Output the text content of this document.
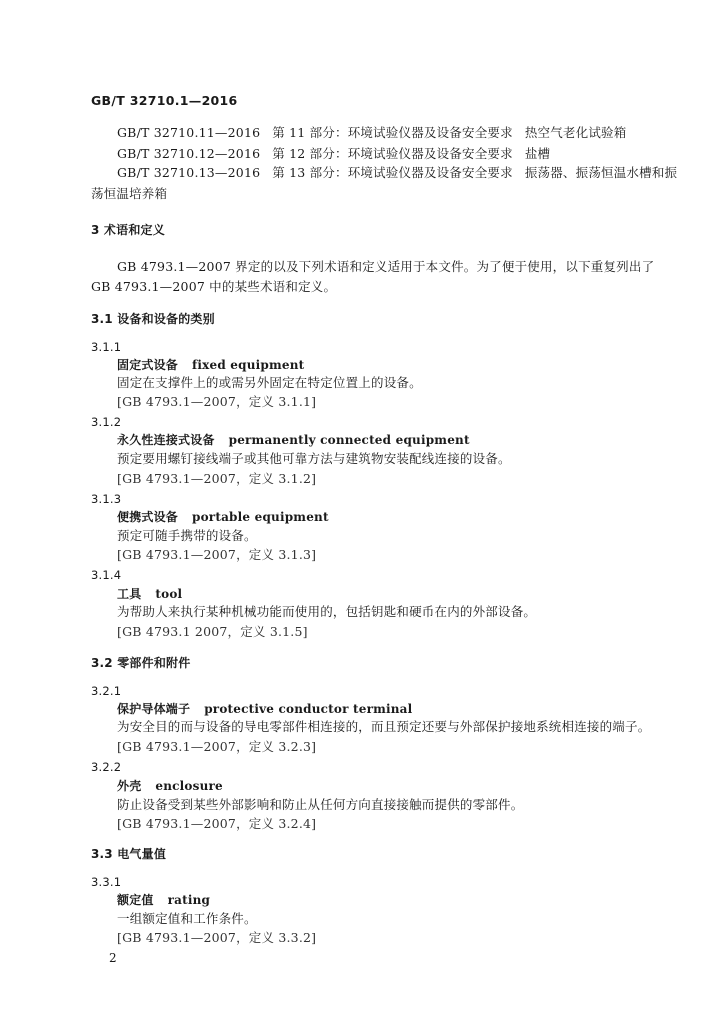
GB/T 32710.1—2016
GB/T 32710.11—2016 第 11 部分：环境试验仪器及设备安全要求 热空气老化试验箱
GB/T 32710.12—2016 第 12 部分：环境试验仪器及设备安全要求 盐槽
GB/T 32710.13—2016 第 13 部分：环境试验仪器及设备安全要求 振荡器、振荡恒温水槽和振
荡恒温培养箱
3 术语和定义
GB 4793.1—2007 界定的以及下列术语和定义适用于本文件。为了便于使用，以下重复列出了
GB 4793.1—2007 中的某些术语和定义。
3.1 设备和设备的类别
3.1.1
固定式设备 fixed equipment
固定在支撑件上的或需另外固定在特定位置上的设备。
[GB 4793.1—2007，定义 3.1.1]
3.1.2
永久性连接式设备 permanently connected equipment
预定要用螺钉接线端子或其他可靠方法与建筑物安装配线连接的设备。
[GB 4793.1—2007，定义 3.1.2]
3.1.3
便携式设备 portable equipment
预定可随手携带的设备。
[GB 4793.1—2007，定义 3.1.3]
3.1.4
工具 tool
为帮助人来执行某种机械功能而使用的，包括钥匙和硬币在内的外部设备。
[GB 4793.1 2007，定义 3.1.5]
3.2 零部件和附件
3.2.1
保护导体端子 protective conductor terminal
为安全目的而与设备的导电零部件相连接的，而且预定还要与外部保护接地系统相连接的端子。
[GB 4793.1—2007，定义 3.2.3]
3.2.2
外壳 enclosure
防止设备受到某些外部影响和防止从任何方向直接接触而提供的零部件。
[GB 4793.1—2007，定义 3.2.4]
3.3 电气量值
3.3.1
额定值 rating
一组额定值和工作条件。
[GB 4793.1—2007，定义 3.3.2]
2
